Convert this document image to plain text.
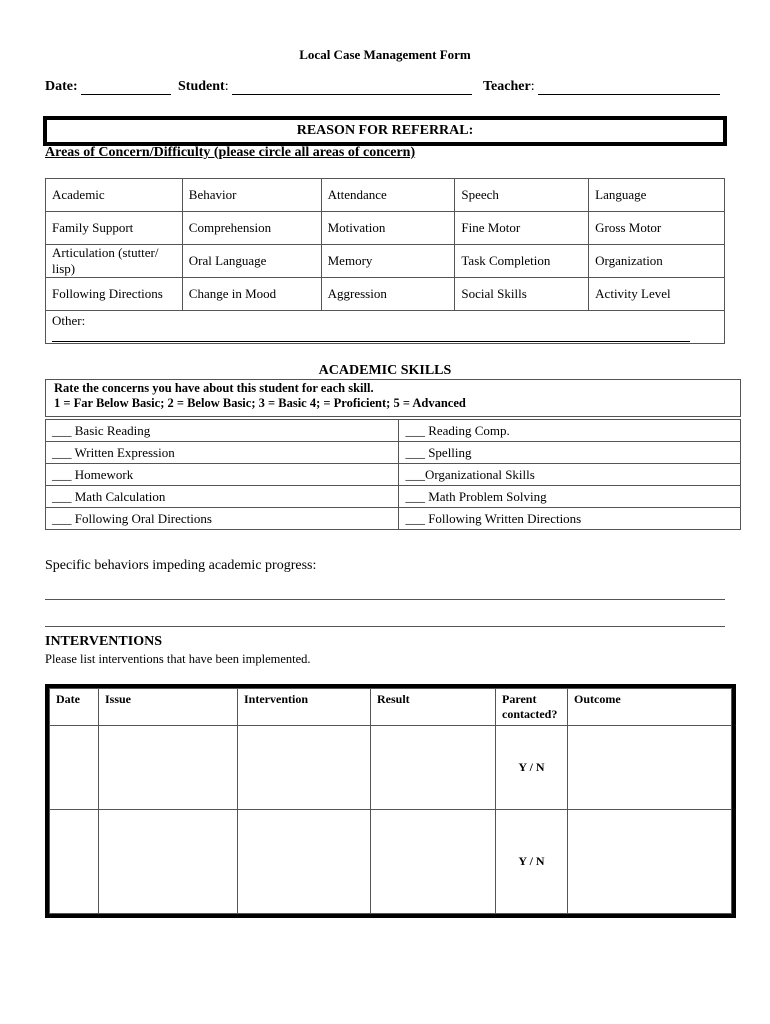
Local Case Management Form
Date:	Student:	Teacher:
REASON FOR REFERRAL:
Areas of Concern/Difficulty (please circle all areas of concern)
Academic	Behavior	Attendance	Speech	Language
Family Support	Comprehension	Motivation	Fine Motor	Gross Motor
Articulation (stutter/ lisp)	Oral Language	Memory	Task Completion	Organization
Following Directions	Change in Mood	Aggression	Social Skills	Activity Level
Other:				
ACADEMIC SKILLS
Rate the concerns you have about this student for each skill.
1 = Far Below Basic; 2 = Below Basic; 3 = Basic 4; = Proficient; 5 = Advanced
___ Basic Reading	___ Reading Comp.
___ Written Expression	___ Spelling
___ Homework	___Organizational Skills
___ Math Calculation	___ Math Problem Solving
___ Following Oral Directions	___ Following Written Directions
Specific behaviors impeding academic progress:
INTERVENTIONS
Please list interventions that have been implemented.
Date	Issue	Intervention	Result	Parent contacted?	Outcome
				Y / N	
				Y / N	
